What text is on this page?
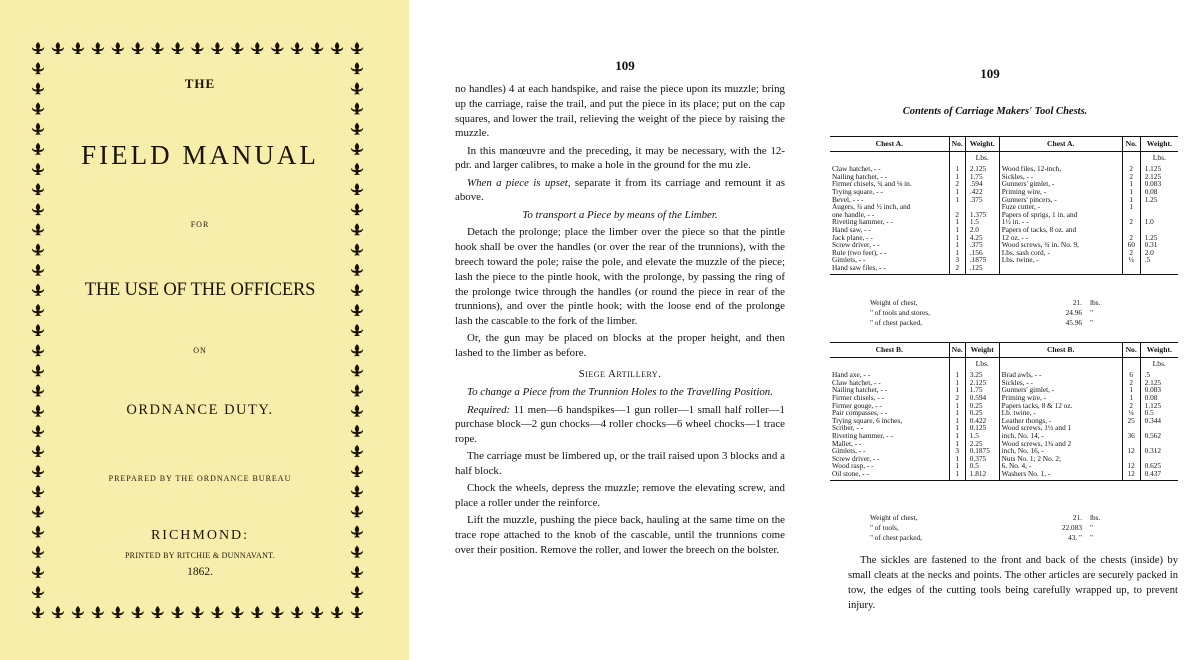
THE
FIELD MANUAL
FOR
THE USE OF THE OFFICERS
ON
ORDNANCE DUTY.
PREPARED BY THE ORDNANCE BUREAU
RICHMOND:
PRINTED BY RITCHIE & DUNNAVANT.
1862.
109

no handles) 4 at each handspike, and raise the piece upon its muzzle; bring up the carriage, raise the trail, and put the piece in its place; put on the cap squares, and lower the trail, relieving the weight of the piece by raising the muzzle.

In this manœuvre and the preceding, it may be necessary, with the 12-pdr. and larger calibres, to make a hole in the ground for the mu zle.

When a piece is upset, separate it from its carriage and remount it as above.

To transport a Piece by means of the Limber.

Detach the prolonge; place the limber over the piece so that the pintle hook shall be over the handles (or over the rear of the trunnions), with the breech toward the pole; raise the pole, and elevate the muzzle of the piece; lash the piece to the pintle hook, with the prolonge, by passing the ring of the prolonge twice through the handles (or round the piece in rear of the trunnions), and over the pintle hook; with the loose end of the prolonge lash the cascable to the fork of the limber.

Or, the gun may be placed on blocks at the proper height, and then lashed to the limber as before.

Siege Artillery.

To change a Piece from the Trunnion Holes to the Travelling Position.

Required: 11 men—6 handspikes—1 gun roller—1 small half roller—1 purchase block—2 gun chocks—4 roller chocks—6 wheel chocks—1 trace rope.

The carriage must be limbered up, or the trail raised upon 3 blocks and a half block.

Chock the wheels, depress the muzzle; remove the elevating screw, and place a roller under the reinforce.

Lift the muzzle, pushing the piece back, hauling at the same time on the trace rope attached to the knob of the cascable, until the trunnions come over their position. Remove the roller, and lower the breech on the bolster.

109
Contents of Carriage Makers' Tool Chests.
Chest A.	No.	Weight.	Chest A.	No.	Weight.
		Lbs.			Lbs.
Claw hatchet, - -	1	2.125	Wood files, 12-inch,	2	1.125
Nailing hatchet, - -	1	1.75	Sickles, - -	2	2.125
Firmer chisels, ¾ and ⅛ in.	2	.594	Gunners' gimlet, -	1	0.083
Trying square, - -	1	.422	Priming wire, -	1	0.08
Bevel, - - -	1	.375	Gunners' pincers, -	1	1.25
Augers, ¾ and ½ inch, and			Fuze cutter, -	1	
one handle, - -	2	1.375	Papers of sprigs, 1 in. and		
Riveting hammer, - -	1	1.5	1½ in. - -	2	1.0
Hand saw, - -	1	2.0	Papers of tacks, 8 oz. and		
Jack plane, - -	1	4.25	12 oz. - -	2	1.25
Screw driver, - -	1	.375	Wood screws, ¾ in. No. 9,	60	0.31
Rule (two feet), - -	1	.156	Lbs. sash cord, -	2	2.0
Gimlets, - -	3	.1875	Lbs. twine, -	¼	.5
Hand saw files, - -	2	.125			
Weight of chest,	21.	lbs.
" of tools and stores,	24.96	"
" of chest packed,	45.96	"
Chest B.	No.	Weight	Chest B.	No.	Weight.
		Lbs.			Lbs.
Hand axe, - -	1	3.25	Brad awls, - -	6	.5
Claw hatchet, - -	1	2.125	Sickles, - -	2	2.125
Nailing hatchet, - -	1	1.75	Gunners' gimlet, -	1	0.083
Firmer chisels, - -	2	0.594	Priming wire, -	1	0.08
Firmer gouge, - -	1	0.25	Papers tacks, 8 & 12 oz.	2	1.125
Pair compasses, - -	1	0.25	Lb. twine, -	¼	0.5
Trying square, 6 inches,	1	0.422	Leather thongs, -	25	0.344
Scriber, - -	1	0.125	Wood screws, 1½ and 1		
Riveting hammer, - -	1	1.5	inch, No. 14, -	36	0.562
Mallet, - -	1	2.25	Wood screws, 1¾ and 2		
Gimlets, - -	3	0.1875	inch, No. 16, -	12	0.312
Screw driver, - -	1	0.375	Nuts No. 1; 2 No. 2;		
Wood rasp, - -	1	0.5	6, No. 4, -	12	0.625
Oil stone, - -	1	1.812	Washers No. 1, -	12	0.437
Weight of chest,	21.	lbs.
" of tools,	22.083	"
" of chest packed,	43. "	"

The sickles are fastened to the front and back of the chests (inside) by small cleats at the necks and points. The other articles are securely packed in tow, the edges of the cutting tools being carefully wrapped up, to prevent injury.
